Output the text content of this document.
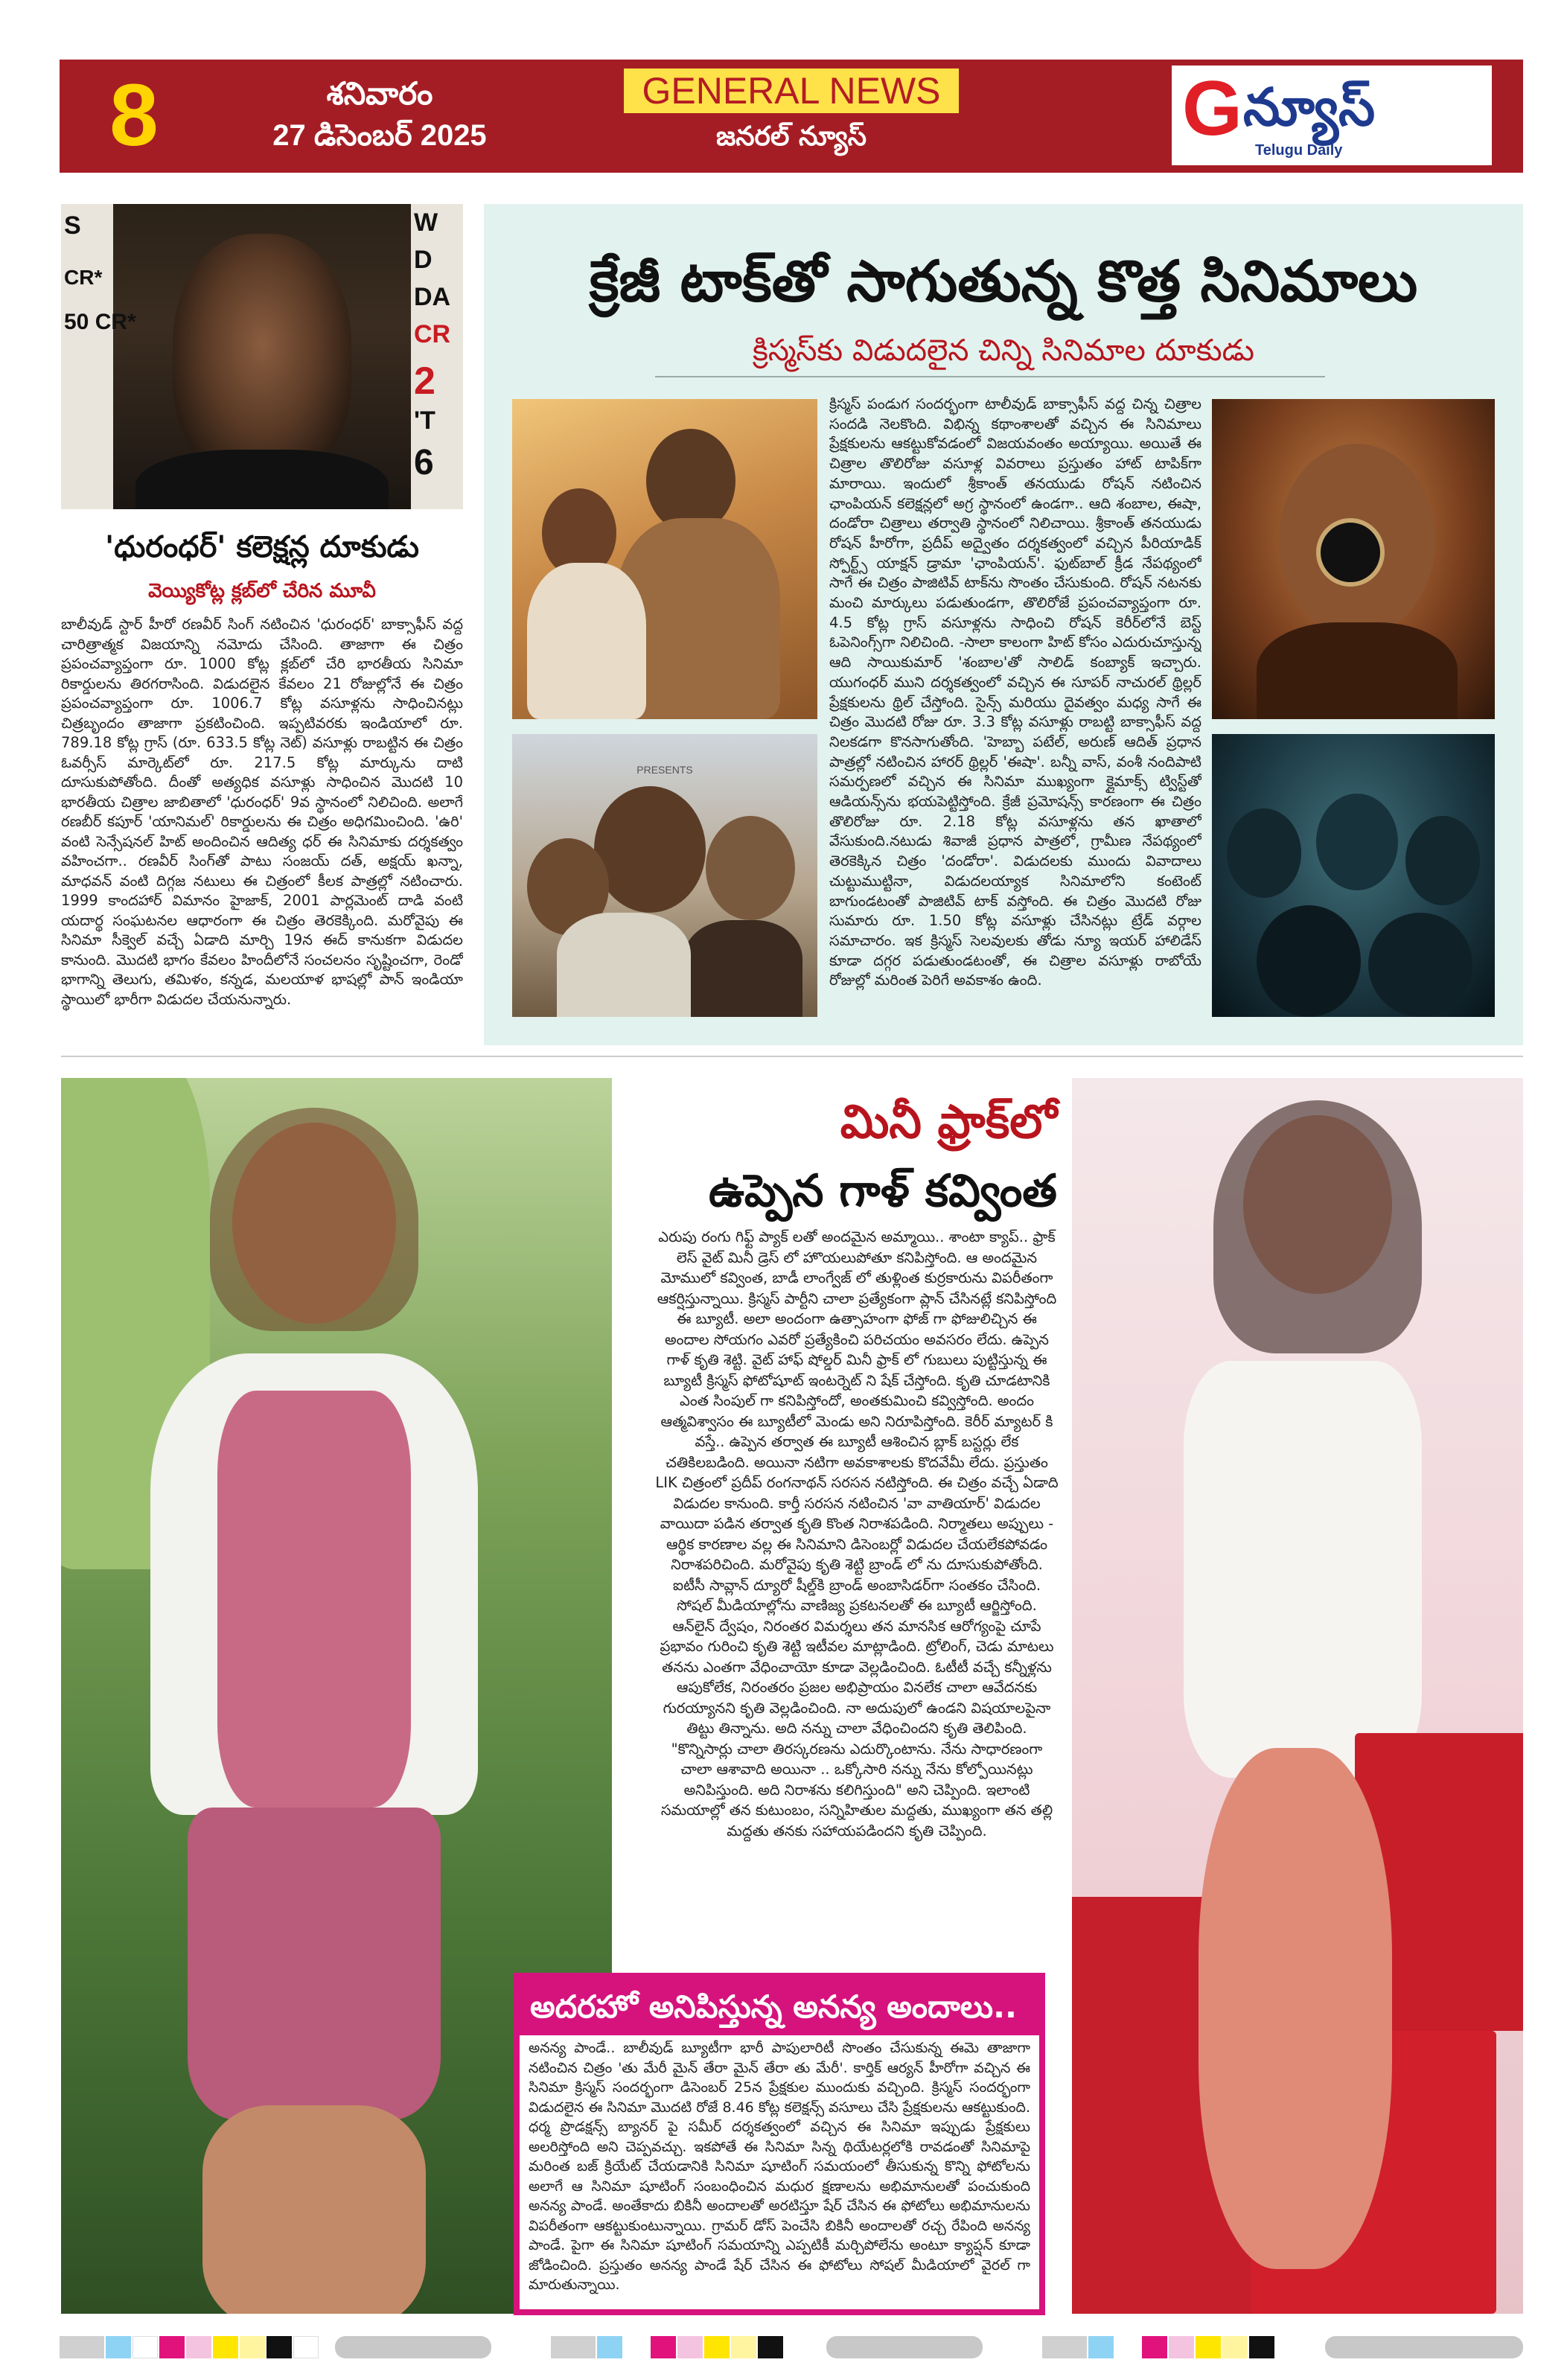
8	శనివారం
27 డిసెంబర్ 2025
GENERAL NEWS
జనరల్ న్యూస్	G న్యూస్
Telugu Daily
S
CR*
50 CR*
W
D
DA
CR
2
'T
6
'ధురంధర్' కలెక్షన్ల దూకుడు
వెయ్యికోట్ల క్లబ్‌లో చేరిన మూవీ
బాలీవుడ్ స్టార్ హీరో రణవీర్ సింగ్ నటించిన 'ధురంధర్' బాక్సాఫీస్ వద్ద చారిత్రాత్మక విజయాన్ని నమోదు చేసింది. తాజాగా ఈ చిత్రం ప్రపంచవ్యాప్తంగా రూ. 1000 కోట్ల క్లబ్‌లో చేరి భారతీయ సినిమా రికార్డులను తిరగరాసింది. విడుదలైన కేవలం 21 రోజుల్లోనే ఈ చిత్రం ప్రపంచవ్యాప్తంగా రూ. 1006.7 కోట్ల వసూళ్లను సాధించినట్లు చిత్రబృందం తాజాగా ప్రకటించింది. ఇప్పటివరకు ఇండియాలో రూ. 789.18 కోట్ల గ్రాస్ (రూ. 633.5 కోట్ల నెట్) వసూళ్లు రాబట్టిన ఈ చిత్రం ఓవర్సీస్ మార్కెట్‌లో రూ. 217.5 కోట్ల మార్కును దాటి దూసుకుపోతోంది. దీంతో అత్యధిక వసూళ్లు సాధించిన మొదటి 10 భారతీయ చిత్రాల జాబితాలో 'ధురంధర్' 9వ స్థానంలో నిలిచింది. అలాగే రణబీర్ కపూర్ 'యానిమల్' రికార్డులను ఈ చిత్రం అధిగమించింది. 'ఉరి' వంటి సెన్సేషనల్ హిట్ అందించిన ఆదిత్య ధర్ ఈ సినిమాకు దర్శకత్వం వహించగా.. రణవీర్ సింగ్‌తో పాటు సంజయ్ దత్, అక్షయ్ ఖన్నా, మాధవన్ వంటి దిగ్గజ నటులు ఈ చిత్రంలో కీలక పాత్రల్లో నటించారు. 1999 కాందహార్ విమానం హైజాక్, 2001 పార్లమెంట్ దాడి వంటి యదార్థ సంఘటనల ఆధారంగా ఈ చిత్రం తెరకెక్కింది. మరోవైపు ఈ సినిమా సీక్వెల్ వచ్చే ఏడాది మార్చి 19న ఈద్ కానుకగా విడుదల కానుంది. మొదటి భాగం కేవలం హిందీలోనే సంచలనం సృష్టించగా, రెండో భాగాన్ని తెలుగు, తమిళం, కన్నడ, మలయాళ భాషల్లో పాన్ ఇండియా స్థాయిలో భారీగా విడుదల చేయనున్నారు.
క్రేజీ టాక్‌తో సాగుతున్న కొత్త సినిమాలు
క్రిస్మస్‌కు విడుదలైన చిన్ని సినిమాల దూకుడు
PRESENTS
క్రిస్మస్ పండుగ సందర్భంగా టాలీవుడ్ బాక్సాఫీస్ వద్ద చిన్న చిత్రాల సందడి నెలకొంది. విభిన్న కథాంశాలతో వచ్చిన ఈ సినిమాలు ప్రేక్షకులను ఆకట్టుకోవడంలో విజయవంతం అయ్యాయి. అయితే ఈ చిత్రాల తొలిరోజు వసూళ్ల వివరాలు ప్రస్తుతం హాట్ టాపిక్‌గా మారాయి. ఇందులో శ్రీకాంత్ తనయుడు రోషన్ నటించిన ఛాంపియన్ కలెక్షన్లలో అగ్ర స్థానంలో ఉండగా.. ఆది శంబాల, ఈషా, దండోరా చిత్రాలు తర్వాతి స్థానంలో నిలిచాయి. శ్రీకాంత్ తనయుడు రోషన్ హీరోగా, ప్రదీప్ అద్వైతం దర్శకత్వంలో వచ్చిన పీరియాడిక్ స్పోర్ట్స్ యాక్షన్ డ్రామా 'ఛాంపియన్'. ఫుట్‌బాల్ క్రీడ నేపథ్యంలో సాగే ఈ చిత్రం పాజిటివ్ టాక్‌ను సొంతం చేసుకుంది. రోషన్ నటనకు మంచి మార్కులు పడుతుండగా, తొలిరోజే ప్రపంచవ్యాప్తంగా రూ. 4.5 కోట్ల గ్రాస్ వసూళ్లను సాధించి రోషన్ కెరీర్‌లోనే బెస్ట్ ఓపెనింగ్స్‌గా నిలిచింది. -సాలా కాలంగా హిట్ కోసం ఎదురుచూస్తున్న ఆది సాయికుమార్ 'శంబాల'తో సాలిడ్ కంబ్యాక్ ఇచ్చారు. యుగంధర్ ముని దర్శకత్వంలో వచ్చిన ఈ సూపర్ నాచురల్ థ్రిల్లర్ ప్రేక్షకులను థ్రిల్ చేస్తోంది. సైన్స్ మరియు దైవత్వం మధ్య సాగే ఈ చిత్రం మొదటి రోజు రూ. 3.3 కోట్ల వసూళ్లు రాబట్టి బాక్సాఫీస్ వద్ద నిలకడగా కొనసాగుతోంది. 'హెబ్బా పటేల్, అరుణ్ ఆదిత్ ప్రధాన పాత్రల్లో నటించిన హారర్ థ్రిల్లర్ 'ఈషా'. బన్నీ వాస్, వంశీ నందిపాటి సమర్పణలో వచ్చిన ఈ సినిమా ముఖ్యంగా క్లైమాక్స్ ట్విస్ట్‌తో ఆడియన్స్‌ను భయపెట్టిస్తోంది. క్రేజీ ప్రమోషన్స్ కారణంగా ఈ చిత్రం తొలిరోజు రూ. 2.18 కోట్ల వసూళ్లను తన ఖాతాలో వేసుకుంది.నటుడు శివాజీ ప్రధాన పాత్రలో, గ్రామీణ నేపథ్యంలో తెరకెక్కిన చిత్రం 'దండోరా'. విడుదలకు ముందు వివాదాలు చుట్టుముట్టినా, విడుదలయ్యాక సినిమాలోని కంటెంట్ బాగుండటంతో పాజిటివ్ టాక్ వస్తోంది. ఈ చిత్రం మొదటి రోజు సుమారు రూ. 1.50 కోట్ల వసూళ్లు చేసినట్లు ట్రేడ్ వర్గాల సమాచారం. ఇక క్రిస్మస్ సెలవులకు తోడు న్యూ ఇయర్ హాలిడేస్ కూడా దగ్గర పడుతుండటంతో, ఈ చిత్రాల వసూళ్లు రాబోయే రోజుల్లో మరింత పెరిగే అవకాశం ఉంది.
మినీ ఫ్రాక్‌లో
ఉప్పెన గాళ్ కవ్వింత
ఎరుపు రంగు గిఫ్ట్ ప్యాక్‌ లతో అందమైన అమ్మాయి.. శాంటా క్యాప్.. ఫ్రాక్ లెస్ వైట్ మినీ డ్రెస్ లో హొయలుపోతూ కనిపిస్తోంది. ఆ అందమైన మోములో కవ్వింత, బాడీ లాంగ్వేజ్ లో తుళ్లింత కుర్రకారును విపరీతంగా ఆకర్షిస్తున్నాయి. క్రిస్మస్ పార్టీని చాలా ప్రత్యేకంగా ప్లాన్ చేసినట్లే కనిపిస్తోంది ఈ బ్యూటీ. అలా అందంగా ఉత్సాహంగా ఫోజ్ గా ఫోజులిచ్చిన ఈ అందాల సోయగం ఎవరో ప్రత్యేకించి పరిచయం అవసరం లేదు. ఉప్పెన గాళ్ కృతి శెట్టి. వైట్ హాఫ్ షోల్డర్ మినీ ఫ్రాక్ లో గుబులు పుట్టిస్తున్న ఈ బ్యూటీ క్రిస్మస్ ఫోటోషూట్ ఇంటర్నెట్ ని షేక్ చేస్తోంది. కృతి చూడటానికి ఎంత సింపుల్ గా కనిపిస్తోందో, అంతకుమించి కవ్విస్తోంది. అందం ఆత్మవిశ్వాసం ఈ బ్యూటీలో మెండు అని నిరూపిస్తోంది. కెరీర్ మ్యాటర్ కి వస్తే.. ఉప్పెన తర్వాత ఈ బ్యూటీ ఆశించిన బ్లాక్ బస్టర్లు లేక చతికిలబడింది. అయినా నటిగా అవకాశాలకు కొదవేమీ లేదు. ప్రస్తుతం LIK చిత్రంలో ప్రదీప్ రంగనాథన్ సరసన నటిస్తోంది. ఈ చిత్రం వచ్చే ఏడాది విడుదల కానుంది. కార్తీ సరసన నటించిన 'వా వాతియార్' విడుదల వాయిదా పడిన తర్వాత కృతి కొంత నిరాశపడింది. నిర్మాతలు అప్పులు - ఆర్థిక కారణాల వల్ల ఈ సినిమాని డిసెంబర్లో విడుదల చేయలేకపోవడం నిరాశపరిచింది. మరోవైపు కృతి శెట్టి బ్రాండ్ లో ను దూసుకుపోతోంది. ఐటీసీ సావ్లాన్ ద్యూరో షీల్డ్‌కి బ్రాండ్ అంబాసిడర్‌గా సంతకం చేసింది. సోషల్ మీడియాల్లోను వాణిజ్య ప్రకటనలతో ఈ బ్యూటీ ఆర్జిస్తోంది. ఆన్‌లైన్ ద్వేషం, నిరంతర విమర్శలు తన మానసిక ఆరోగ్యంపై చూపే ప్రభావం గురించి కృతి శెట్టి ఇటీవల మాట్లాడింది. ట్రోలింగ్, చెడు మాటలు తనను ఎంతగా వేధించాయో కూడా వెల్లడించింది. ఓటీటీ వచ్చే కన్నీళ్లను ఆపుకోలేక, నిరంతరం ప్రజల అభిప్రాయం వినలేక చాలా ఆవేదనకు గురయ్యానని కృతి వెల్లడించింది. నా అదుపులో ఉండని విషయాలపైనా తిట్టు తిన్నాను. అది నన్ను చాలా వేధించిందని కృతి తెలిపింది. "కొన్నిసార్లు చాలా తిరస్కరణను ఎదుర్కొంటాను. నేను సాధారణంగా చాలా ఆశావాది అయినా .. ఒక్కోసారి నన్ను నేను కోల్పోయినట్లు అనిపిస్తుంది. అది నిరాశను కలిగిస్తుంది" అని చెప్పింది. ఇలాంటి సమయాల్లో తన కుటుంబం, సన్నిహితుల మద్దతు, ముఖ్యంగా తన తల్లి మద్దతు తనకు సహాయపడిందని కృతి చెప్పింది.
అదరహో అనిపిస్తున్న అనన్య అందాలు..
అనన్య పాండే.. బాలీవుడ్ బ్యూటీగా భారీ పాపులారిటీ సొంతం చేసుకున్న ఈమె తాజాగా నటించిన చిత్రం 'తు మేరీ మైన్ తేరా మైన్ తేరా తు మేరీ'. కార్తిక్ ఆర్యన్ హీరోగా వచ్చిన ఈ సినిమా క్రిస్మస్ సందర్భంగా డిసెంబర్ 25న ప్రేక్షకుల ముందుకు వచ్చింది. క్రిస్మస్ సందర్భంగా విడుదలైన ఈ సినిమా మొదటి రోజే 8.46 కోట్ల కలెక్షన్స్ వసూలు చేసి ప్రేక్షకులను ఆకట్టుకుంది. ధర్మ ప్రొడక్షన్స్ బ్యానర్ పై సమీర్ దర్శకత్వంలో వచ్చిన ఈ సినిమా ఇప్పుడు ప్రేక్షకులు అలరిస్తోంది అని చెప్పవచ్చు. ఇకపోతే ఈ సినిమా సిన్న థియేటర్లలోకి రావడంతో సినిమాపై మరింత బజ్ క్రియేట్ చేయడానికి సినిమా షూటింగ్ సమయంలో తీసుకున్న కొన్ని ఫోటోలను అలాగే ఆ సినిమా షూటింగ్ సంబంధించిన మధుర క్షణాలను అభిమానులతో పంచుకుంది అనన్య పాండే. అంతేకాదు బికినీ అందాలతో అరటిస్తూ షేర్ చేసిన ఈ ఫోటోలు అభిమానులను విపరీతంగా ఆకట్టుకుంటున్నాయి. గ్రామర్ డోస్ పెంచేసి బికినీ అందాలతో రచ్చ రేపింది అనన్య పాండే. పైగా ఈ సినిమా షూటింగ్ సమయాన్ని ఎప్పటికీ మర్చిపోలేను అంటూ క్యాప్షన్ కూడా జోడించింది. ప్రస్తుతం అనన్య పాండే షేర్ చేసిన ఈ ఫోటోలు సోషల్ మీడియాలో వైరల్ గా మారుతున్నాయి.
